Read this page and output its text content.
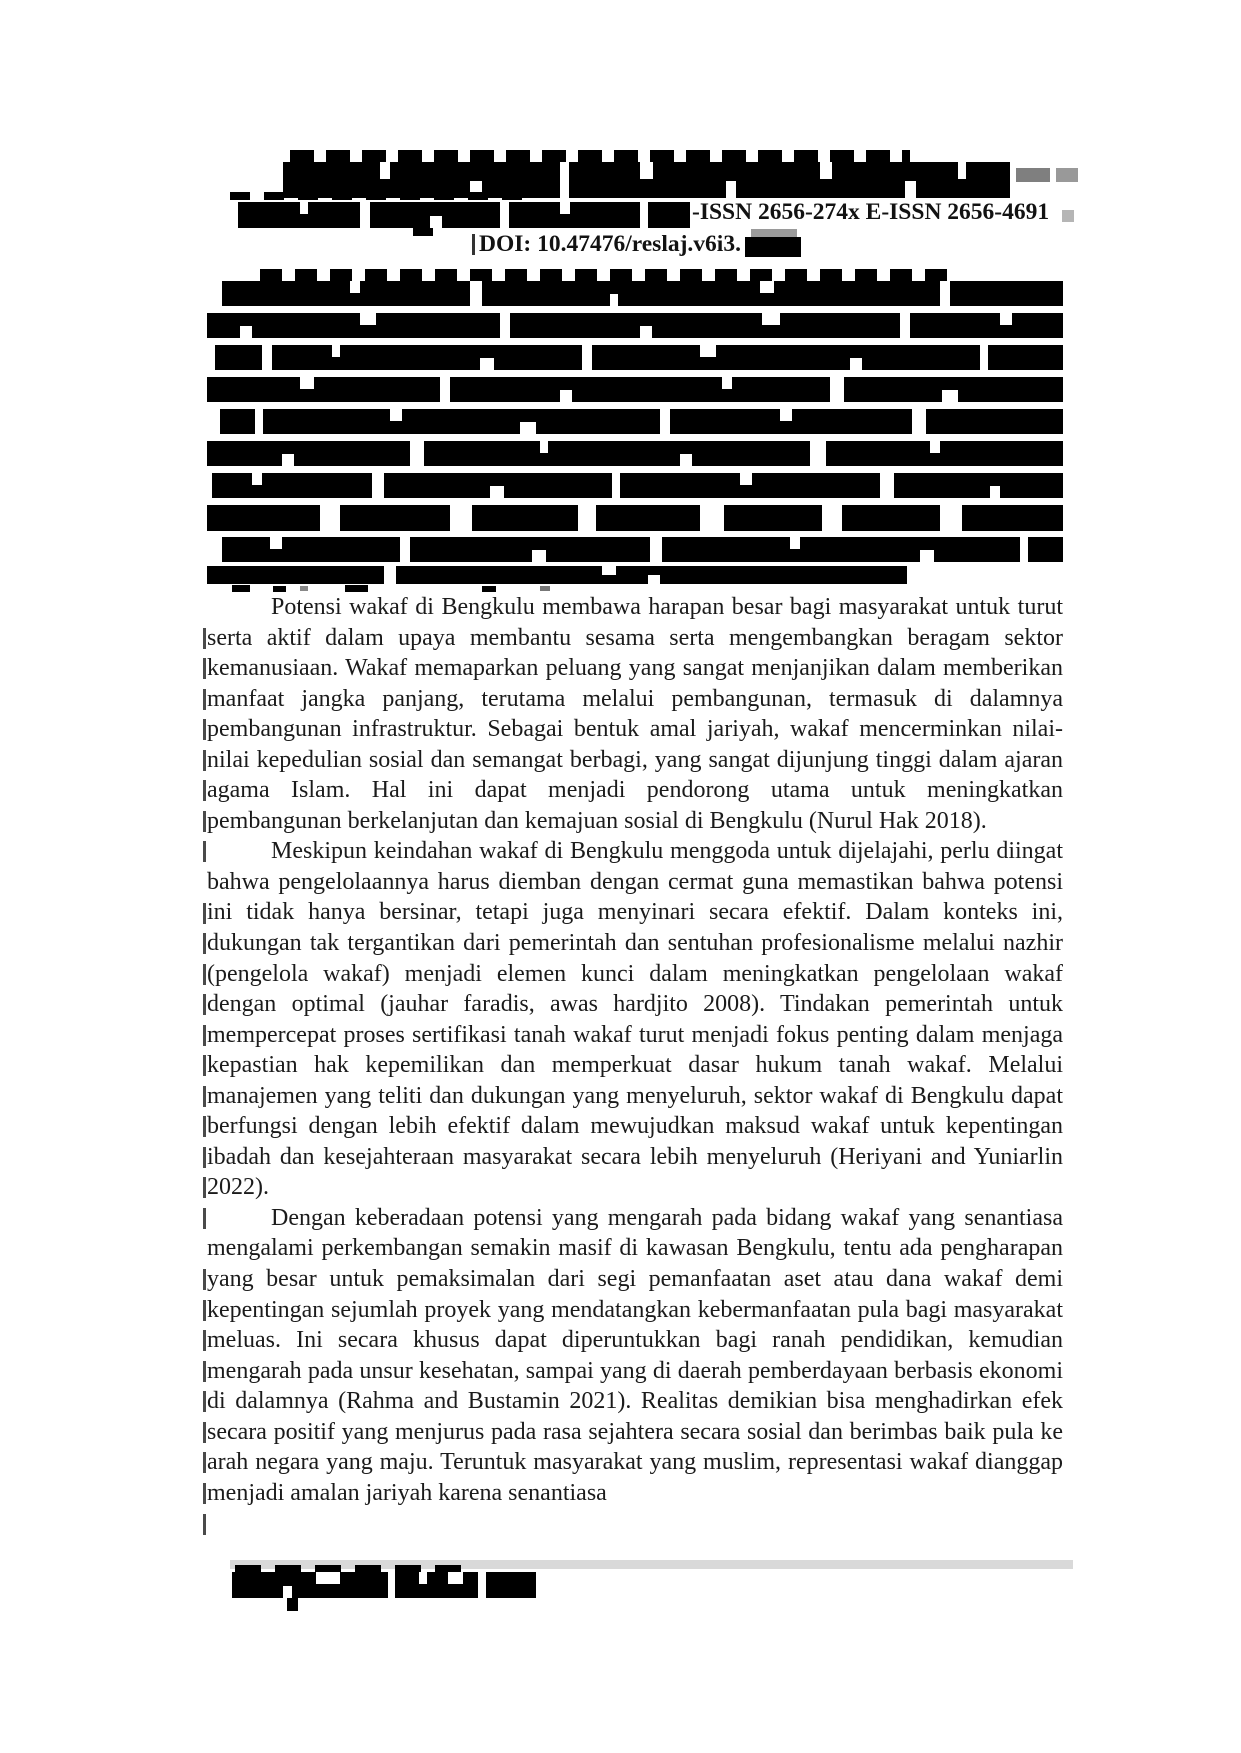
-ISSN 2656-274x E-ISSN 2656-4691
DOI: 10.47476/reslaj.v6i3.

Potensi wakaf di Bengkulu membawa harapan besar bagi masyarakat untuk turut serta aktif dalam upaya membantu sesama serta mengembangkan beragam sektor kemanusiaan. Wakaf memaparkan peluang yang sangat menjanjikan dalam memberikan manfaat jangka panjang, terutama melalui pembangunan, termasuk di dalamnya pembangunan infrastruktur. Sebagai bentuk amal jariyah, wakaf mencerminkan nilai-nilai kepedulian sosial dan semangat berbagi, yang sangat dijunjung tinggi dalam ajaran agama Islam. Hal ini dapat menjadi pendorong utama untuk meningkatkan pembangunan berkelanjutan dan kemajuan sosial di Bengkulu (Nurul Hak 2018).

Meskipun keindahan wakaf di Bengkulu menggoda untuk dijelajahi, perlu diingat bahwa pengelolaannya harus diemban dengan cermat guna memastikan bahwa potensi ini tidak hanya bersinar, tetapi juga menyinari secara efektif. Dalam konteks ini, dukungan tak tergantikan dari pemerintah dan sentuhan profesionalisme melalui nazhir (pengelola wakaf) menjadi elemen kunci dalam meningkatkan pengelolaan wakaf dengan optimal (jauhar faradis, awas hardjito 2008). Tindakan pemerintah untuk mempercepat proses sertifikasi tanah wakaf turut menjadi fokus penting dalam menjaga kepastian hak kepemilikan dan memperkuat dasar hukum tanah wakaf. Melalui manajemen yang teliti dan dukungan yang menyeluruh, sektor wakaf di Bengkulu dapat berfungsi dengan lebih efektif dalam mewujudkan maksud wakaf untuk kepentingan ibadah dan kesejahteraan masyarakat secara lebih menyeluruh (Heriyani and Yuniarlin 2022).

Dengan keberadaan potensi yang mengarah pada bidang wakaf yang senantiasa mengalami perkembangan semakin masif di kawasan Bengkulu, tentu ada pengharapan yang besar untuk pemaksimalan dari segi pemanfaatan aset atau dana wakaf demi kepentingan sejumlah proyek yang mendatangkan kebermanfaatan pula bagi masyarakat meluas. Ini secara khusus dapat diperuntukkan bagi ranah pendidikan, kemudian mengarah pada unsur kesehatan, sampai yang di daerah pemberdayaan berbasis ekonomi di dalamnya (Rahma and Bustamin 2021). Realitas demikian bisa menghadirkan efek secara positif yang menjurus pada rasa sejahtera secara sosial dan berimbas baik pula ke arah negara yang maju. Teruntuk masyarakat yang muslim, representasi wakaf dianggap menjadi amalan jariyah karena senantiasa
